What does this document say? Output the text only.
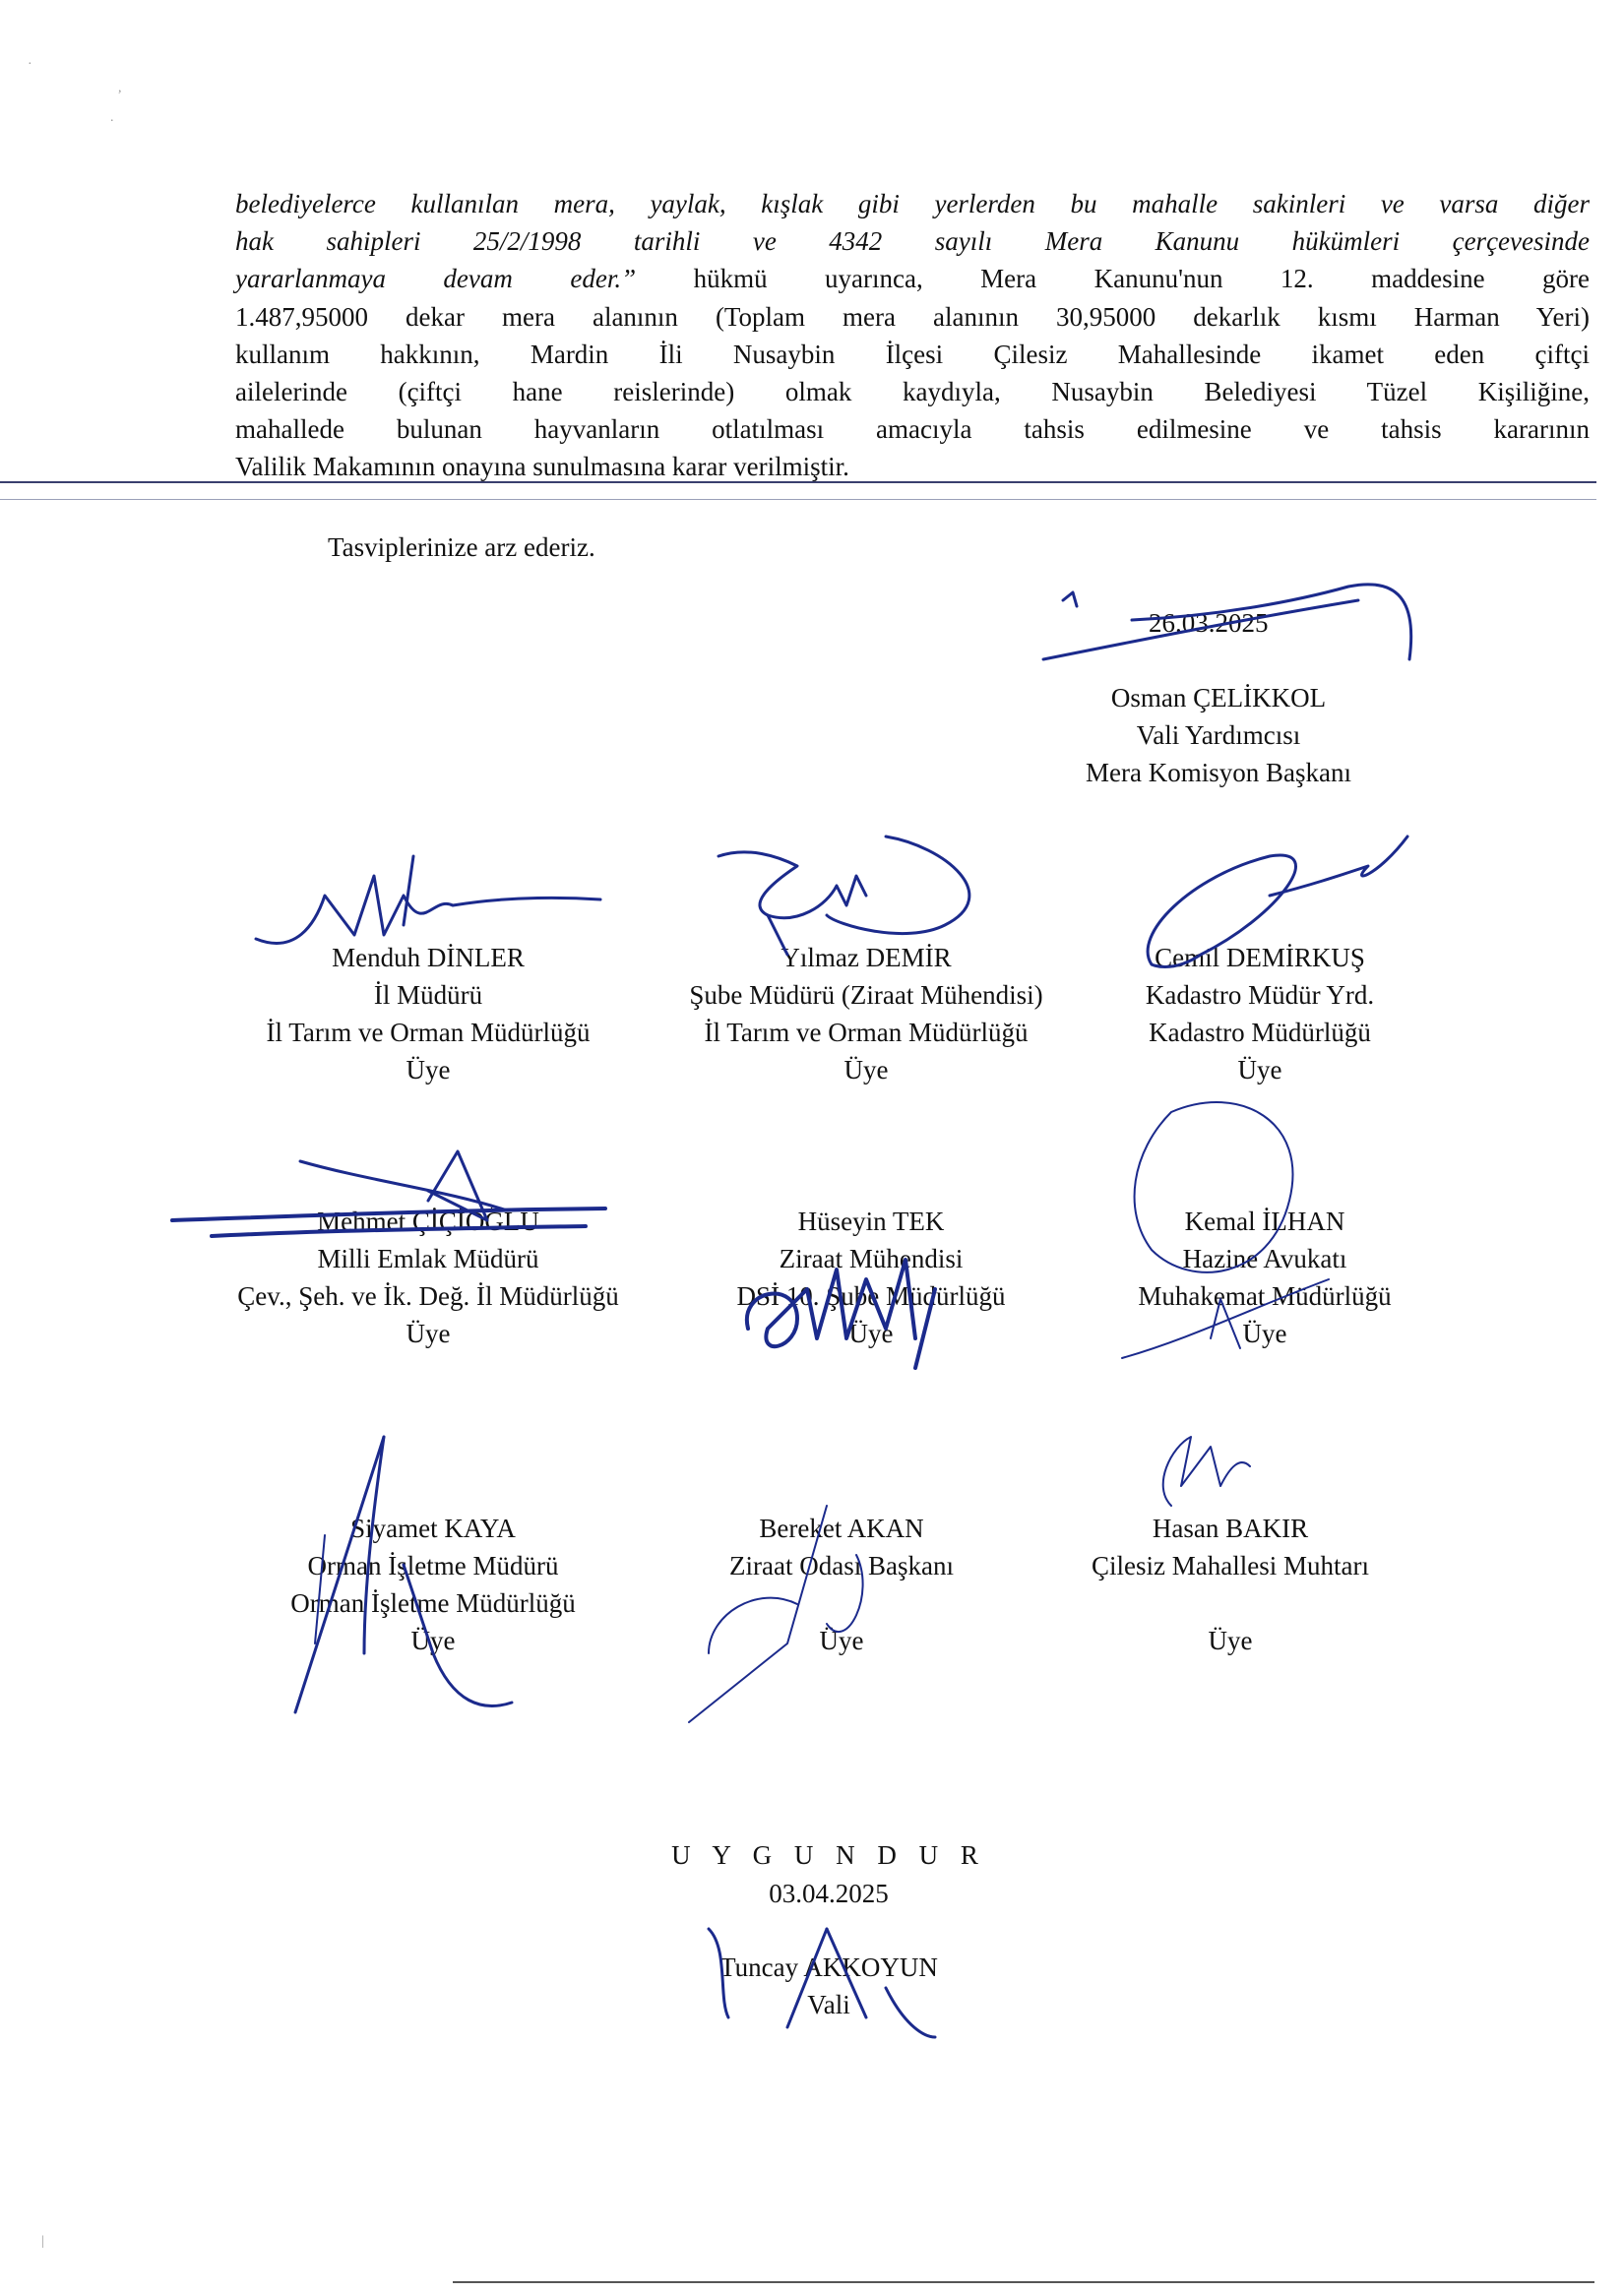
·
,
.
belediyelerce kullanılan mera, yaylak, kışlak gibi yerlerden bu mahalle sakinleri ve varsa diğer
hak sahipleri 25/2/1998 tarihli ve 4342 sayılı Mera Kanunu hükümleri çerçevesinde
yararlanmaya devam eder.” hükmü uyarınca, Mera Kanunu'nun 12. maddesine göre
1.487,95000 dekar mera alanının (Toplam mera alanının 30,95000 dekarlık kısmı Harman Yeri)
kullanım hakkının, Mardin İli Nusaybin İlçesi Çilesiz Mahallesinde ikamet eden çiftçi
ailelerinde (çiftçi hane reislerinde) olmak kaydıyla, Nusaybin Belediyesi Tüzel Kişiliğine,
mahallede bulunan hayvanların otlatılması amacıyla tahsis edilmesine ve tahsis kararının
Valilik Makamının onayına sunulmasına karar verilmiştir.
Tasviplerinize arz ederiz.
26.03.2025
Osman ÇELİKKOL
Vali Yardımcısı
Mera Komisyon Başkanı
Menduh DİNLER
İl Müdürü
İl Tarım ve Orman Müdürlüğü
Üye
Yılmaz DEMİR
Şube Müdürü (Ziraat Mühendisi)
İl Tarım ve Orman Müdürlüğü
Üye
Cemil DEMİRKUŞ
Kadastro Müdür Yrd.
Kadastro Müdürlüğü
Üye
Mehmet ÇİÇİOĞLU
Milli Emlak Müdürü
Çev., Şeh. ve İk. Değ. İl Müdürlüğü
Üye
Hüseyin TEK
Ziraat Mühendisi
DSİ 10. Şube Müdürlüğü
Üye
Kemal İLHAN
Hazine Avukatı
Muhakemat Müdürlüğü
Üye
Siyamet KAYA
Orman İşletme Müdürü
Orman İşletme Müdürlüğü
Üye
Bereket AKAN
Ziraat Odası Başkanı
Üye
Hasan BAKIR
Çilesiz Mahallesi Muhtarı
Üye
U Y G U N D U R
03.04.2025
Tuncay AKKOYUN
Vali
|
